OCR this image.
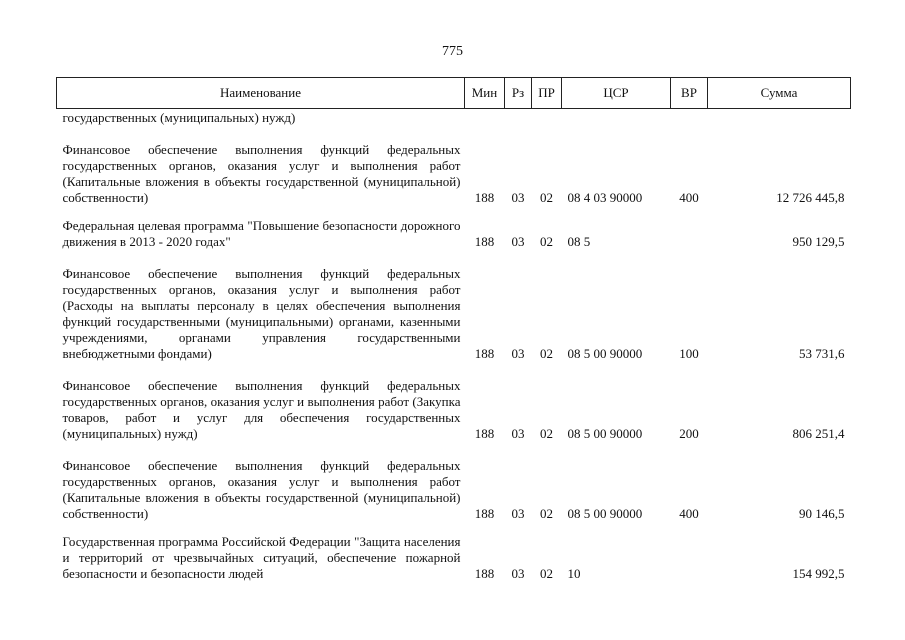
775
Наименование	Мин	Рз	ПР	ЦСР	ВР	Сумма
государственных (муниципальных) нужд)						

Финансовое обеспечение выполнения функций федеральных государственных органов, оказания услуг и выполнения работ (Капитальные вложения в объекты государственной (муниципальной) собственности)	188	03	02	08 4 03 90000	400	12 726 445,8

Федеральная целевая программа "Повышение безопасности дорожного движения в 2013 - 2020 годах"	188	03	02	08 5		950 129,5

Финансовое обеспечение выполнения функций федеральных государственных органов, оказания услуг и выполнения работ (Расходы на выплаты персоналу в целях обеспечения выполнения функций государственными (муниципальными) органами, казенными учреждениями, органами управления государственными внебюджетными фондами)	188	03	02	08 5 00 90000	100	53 731,6

Финансовое обеспечение выполнения функций федеральных государственных органов, оказания услуг и выполнения работ (Закупка товаров, работ и услуг для обеспечения государственных (муниципальных) нужд)	188	03	02	08 5 00 90000	200	806 251,4

Финансовое обеспечение выполнения функций федеральных государственных органов, оказания услуг и выполнения работ (Капитальные вложения в объекты государственной (муниципальной) собственности)	188	03	02	08 5 00 90000	400	90 146,5

Государственная программа Российской Федерации "Защита населения и территорий от чрезвычайных ситуаций, обеспечение пожарной безопасности и безопасности людей	188	03	02	10		154 992,5
